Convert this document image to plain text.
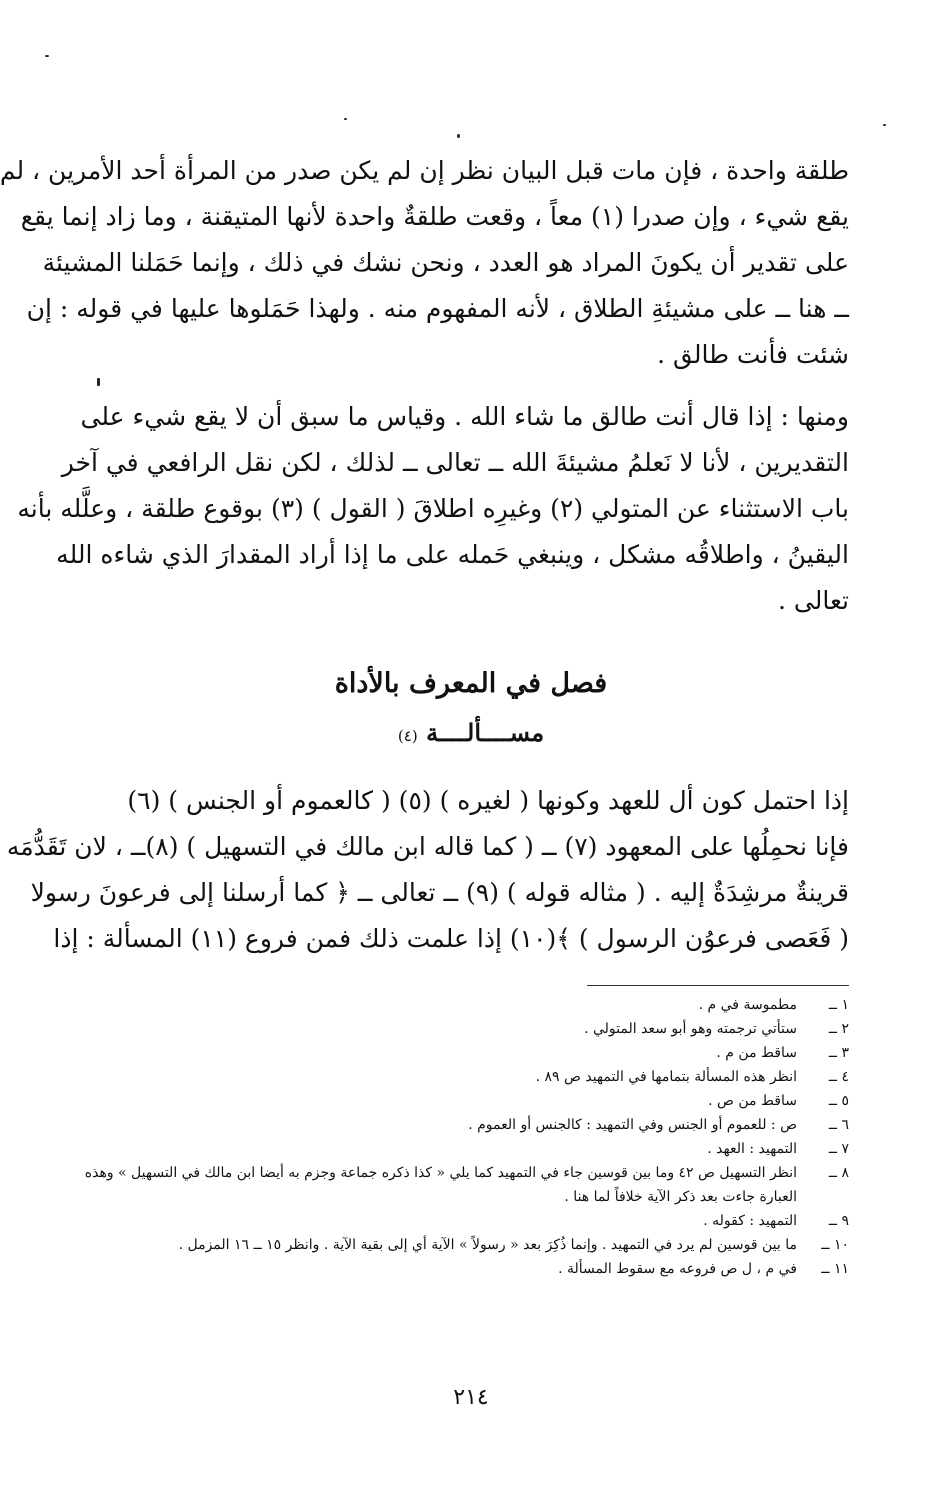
طلقة واحدة ، فإن مات قبل البيان نظر إن لم يكن صدر من المرأة أحد الأمرين ، لم
يقع شيء ، وإن صدرا (١) معاً ، وقعت طلقةٌ واحدة لأنها المتيقنة ، وما زاد إنما يقع
على تقدير أن يكونَ المراد هو العدد ، ونحن نشك في ذلك ، وإنما حَمَلنا المشيئة
ــ هنا ــ على مشيئةِ الطلاق ، لأنه المفهوم منه . ولهذا حَمَلوها عليها في قوله : إن
شئت فأنت طالق .
ومنها : إذا قال أنت طالق ما شاء الله . وقياس ما سبق أن لا يقع شيء على
التقديرين ، لأنا لا نَعلمُ مشيئةَ الله ــ تعالى ــ لذلك ، لكن نقل الرافعي في آخر
باب الاستثناء عن المتولي (٢) وغيرِه اطلاقَ ( القول ) (٣) بوقوع طلقة ، وعلَّله بأنه
اليقينُ ، واطلاقُه مشكل ، وينبغي حَمله على ما إذا أراد المقدارَ الذي شاءه الله
تعالى .
فصل في المعرف بالأداة
مســــألــــة (٤)
إذا احتمل كون أل للعهد وكونها ( لغيره ) (٥) ( كالعموم أو الجنس ) (٦)
فإنا نحمِلُها على المعهود (٧) ــ ( كما قاله ابن مالك في التسهيل ) (٨)ــ ، لان تَقَدُّمَه
قرينةٌ مرشِدَةٌ إليه . ( مثاله قوله ) (٩) ــ تعالى ــ ﴿ كما أرسلنا إلى فرعونَ رسولا
( فَعَصى فرعوُن الرسول ) ﴾(١٠) إذا علمت ذلك فمن فروع (١١) المسألة : إذا
١ ــ
مطموسة في م .
٢ ــ
ستأتي ترجمته وهو أبو سعد المتولي .
٣ ــ
ساقط من م .
٤ ــ
انظر هذه المسألة بتمامها في التمهيد ص ٨٩ .
٥ ــ
ساقط من ص .
٦ ــ
ص : للعموم أو الجنس وفي التمهيد : كالجنس أو العموم .
٧ ــ
التمهيد : العهد .
٨ ــ
انظر التسهيل ص ٤٢ وما بين قوسين جاء في التمهيد كما يلي « كذا ذكره جماعة وجزم به أيضا ابن مالك في التسهيل » وهذه
العبارة جاءت بعد ذكر الآية خلافاً لما هنا .
٩ ــ
التمهيد : كقوله .
١٠ ــ
ما بين قوسين لم يرد في التمهيد . وإنما ذُكِرَ بعد « رسولاً » الآية أي إلى بقية الآية . وانظر ١٥ ــ ١٦ المزمل .
١١ ــ
في م ، ل ص فروعه مع سقوط المسألة .
٢١٤
